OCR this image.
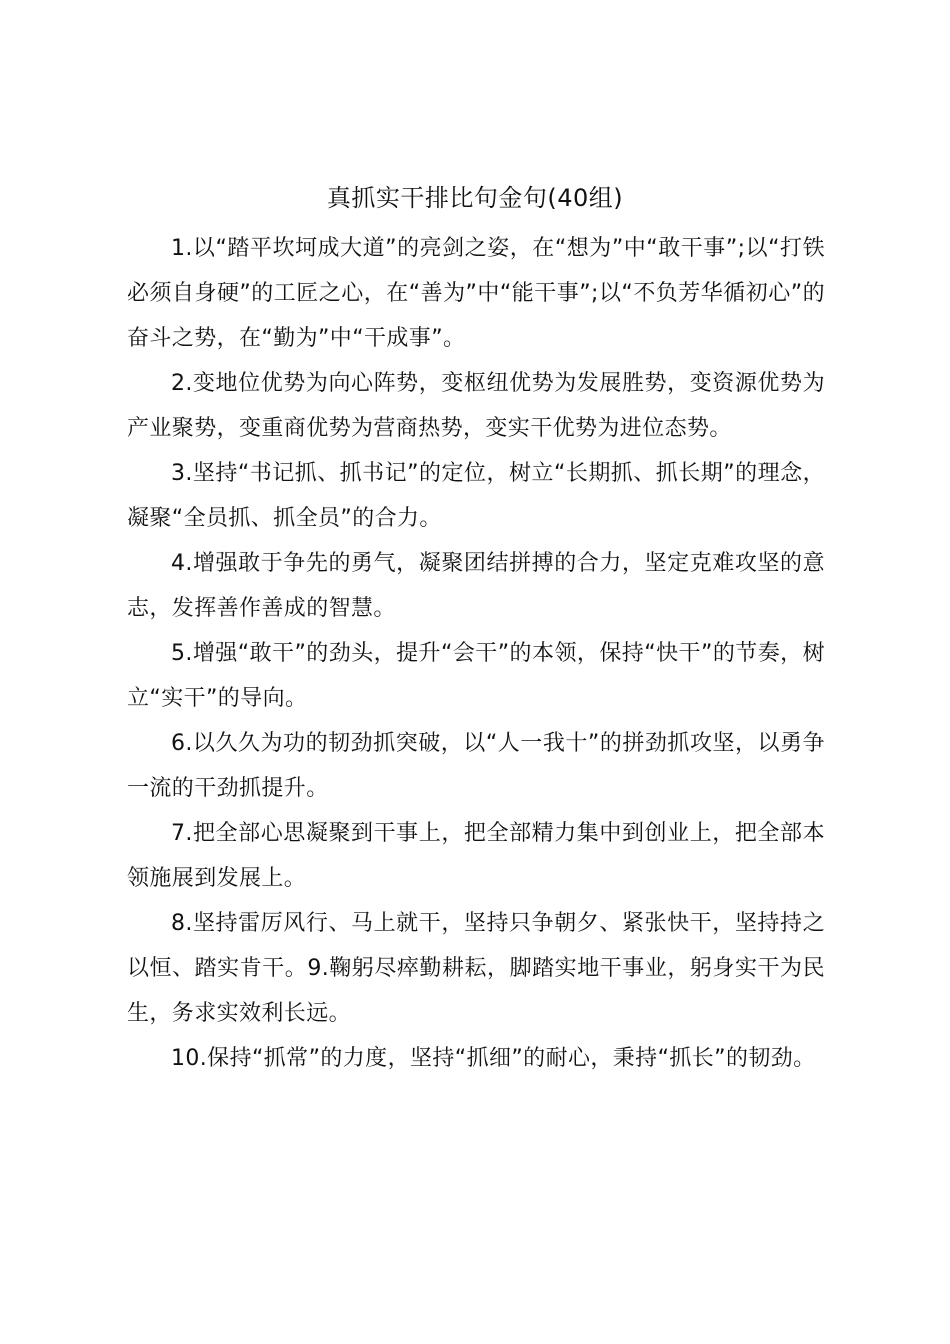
真抓实干排比句金句(40组)

1.以“踏平坎坷成大道”的亮剑之姿，在“想为”中“敢干事”;以“打铁必须自身硬”的工匠之心，在“善为”中“能干事”;以“不负芳华循初心”的奋斗之势，在“勤为”中“干成事”。

2.变地位优势为向心阵势，变枢纽优势为发展胜势，变资源优势为产业聚势，变重商优势为营商热势，变实干优势为进位态势。

3.坚持“书记抓、抓书记”的定位，树立“长期抓、抓长期”的理念，凝聚“全员抓、抓全员”的合力。

4.增强敢于争先的勇气，凝聚团结拼搏的合力，坚定克难攻坚的意志，发挥善作善成的智慧。

5.增强“敢干”的劲头，提升“会干”的本领，保持“快干”的节奏，树立“实干”的导向。

6.以久久为功的韧劲抓突破，以“人一我十”的拼劲抓攻坚，以勇争一流的干劲抓提升。

7.把全部心思凝聚到干事上，把全部精力集中到创业上，把全部本领施展到发展上。

8.坚持雷厉风行、马上就干，坚持只争朝夕、紧张快干，坚持持之以恒、踏实肯干。9.鞠躬尽瘁勤耕耘，脚踏实地干事业，躬身实干为民生，务求实效利长远。

10.保持“抓常”的力度，坚持“抓细”的耐心，秉持“抓长”的韧劲。
